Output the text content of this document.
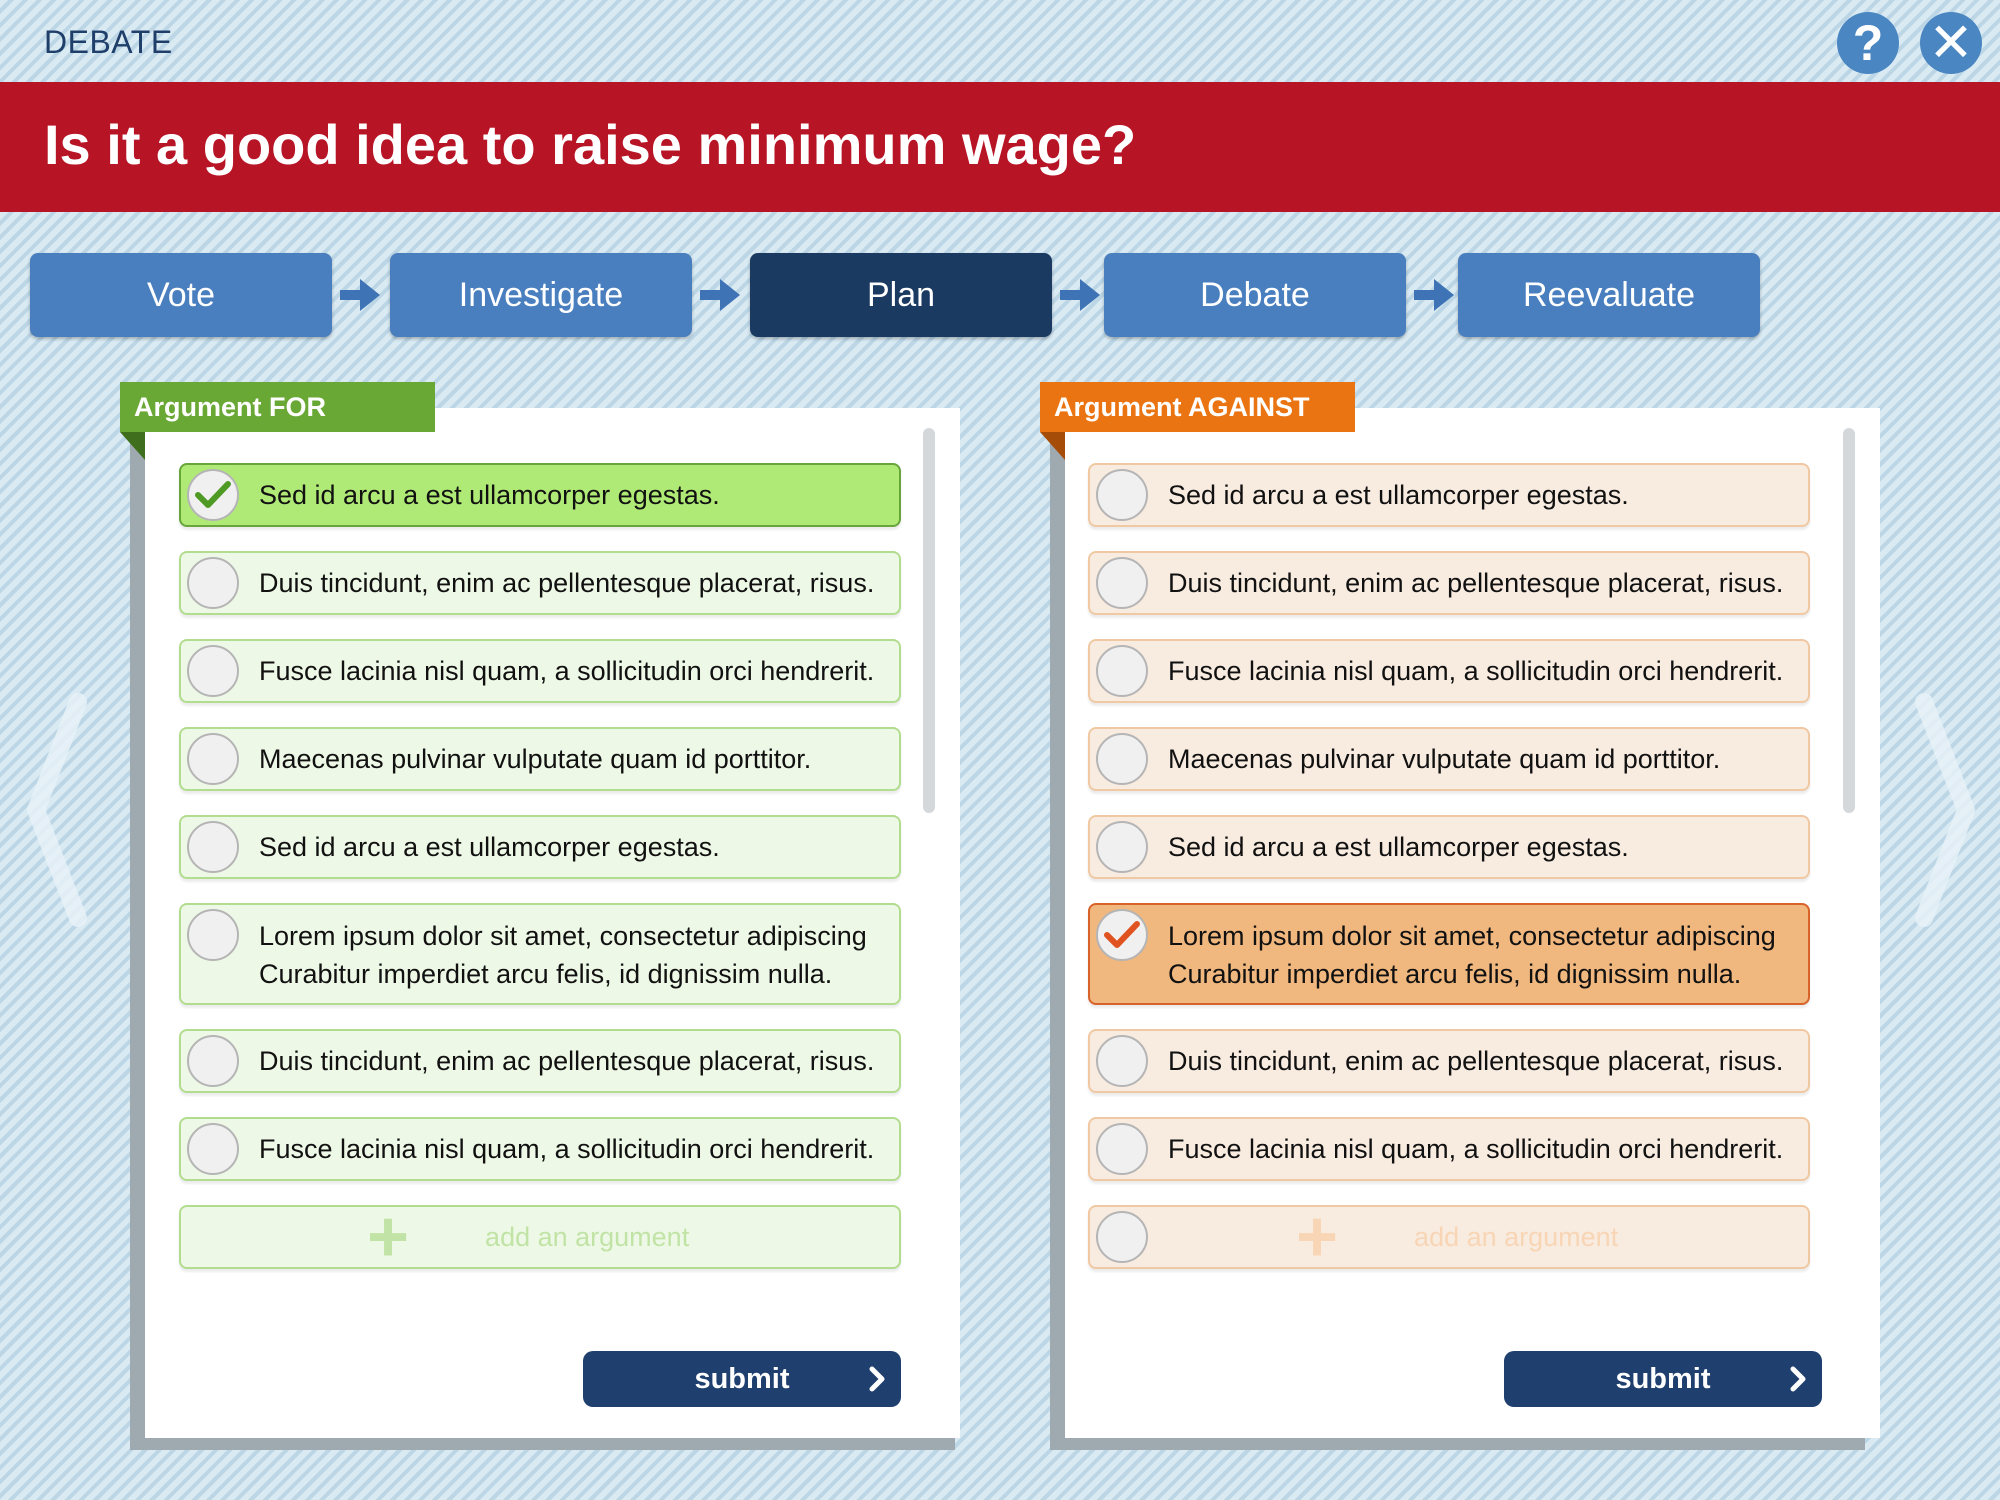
DEBATE	? ✕
Is it a good idea to raise minimum wage?
Vote	Investigate	Plan	Debate	Reevaluate
Sed id arcu a est ullamcorper egestas.
Duis tincidunt, enim ac pellentesque placerat, risus.
Fusce lacinia nisl quam, a sollicitudin orci hendrerit.
Maecenas pulvinar vulputate quam id porttitor.
Sed id arcu a est ullamcorper egestas.
Lorem ipsum dolor sit amet, consectetur adipiscing Curabitur imperdiet arcu felis, id dignissim nulla.
Duis tincidunt, enim ac pellentesque placerat, risus.
Fusce lacinia nisl quam, a sollicitudin orci hendrerit.
+	add an argument
submit
Argument FOR
Sed id arcu a est ullamcorper egestas.
Duis tincidunt, enim ac pellentesque placerat, risus.
Fusce lacinia nisl quam, a sollicitudin orci hendrerit.
Maecenas pulvinar vulputate quam id porttitor.
Sed id arcu a est ullamcorper egestas.
Lorem ipsum dolor sit amet, consectetur adipiscing Curabitur imperdiet arcu felis, id dignissim nulla.
Duis tincidunt, enim ac pellentesque placerat, risus.
Fusce lacinia nisl quam, a sollicitudin orci hendrerit.
+	add an argument
submit
Argument AGAINST
